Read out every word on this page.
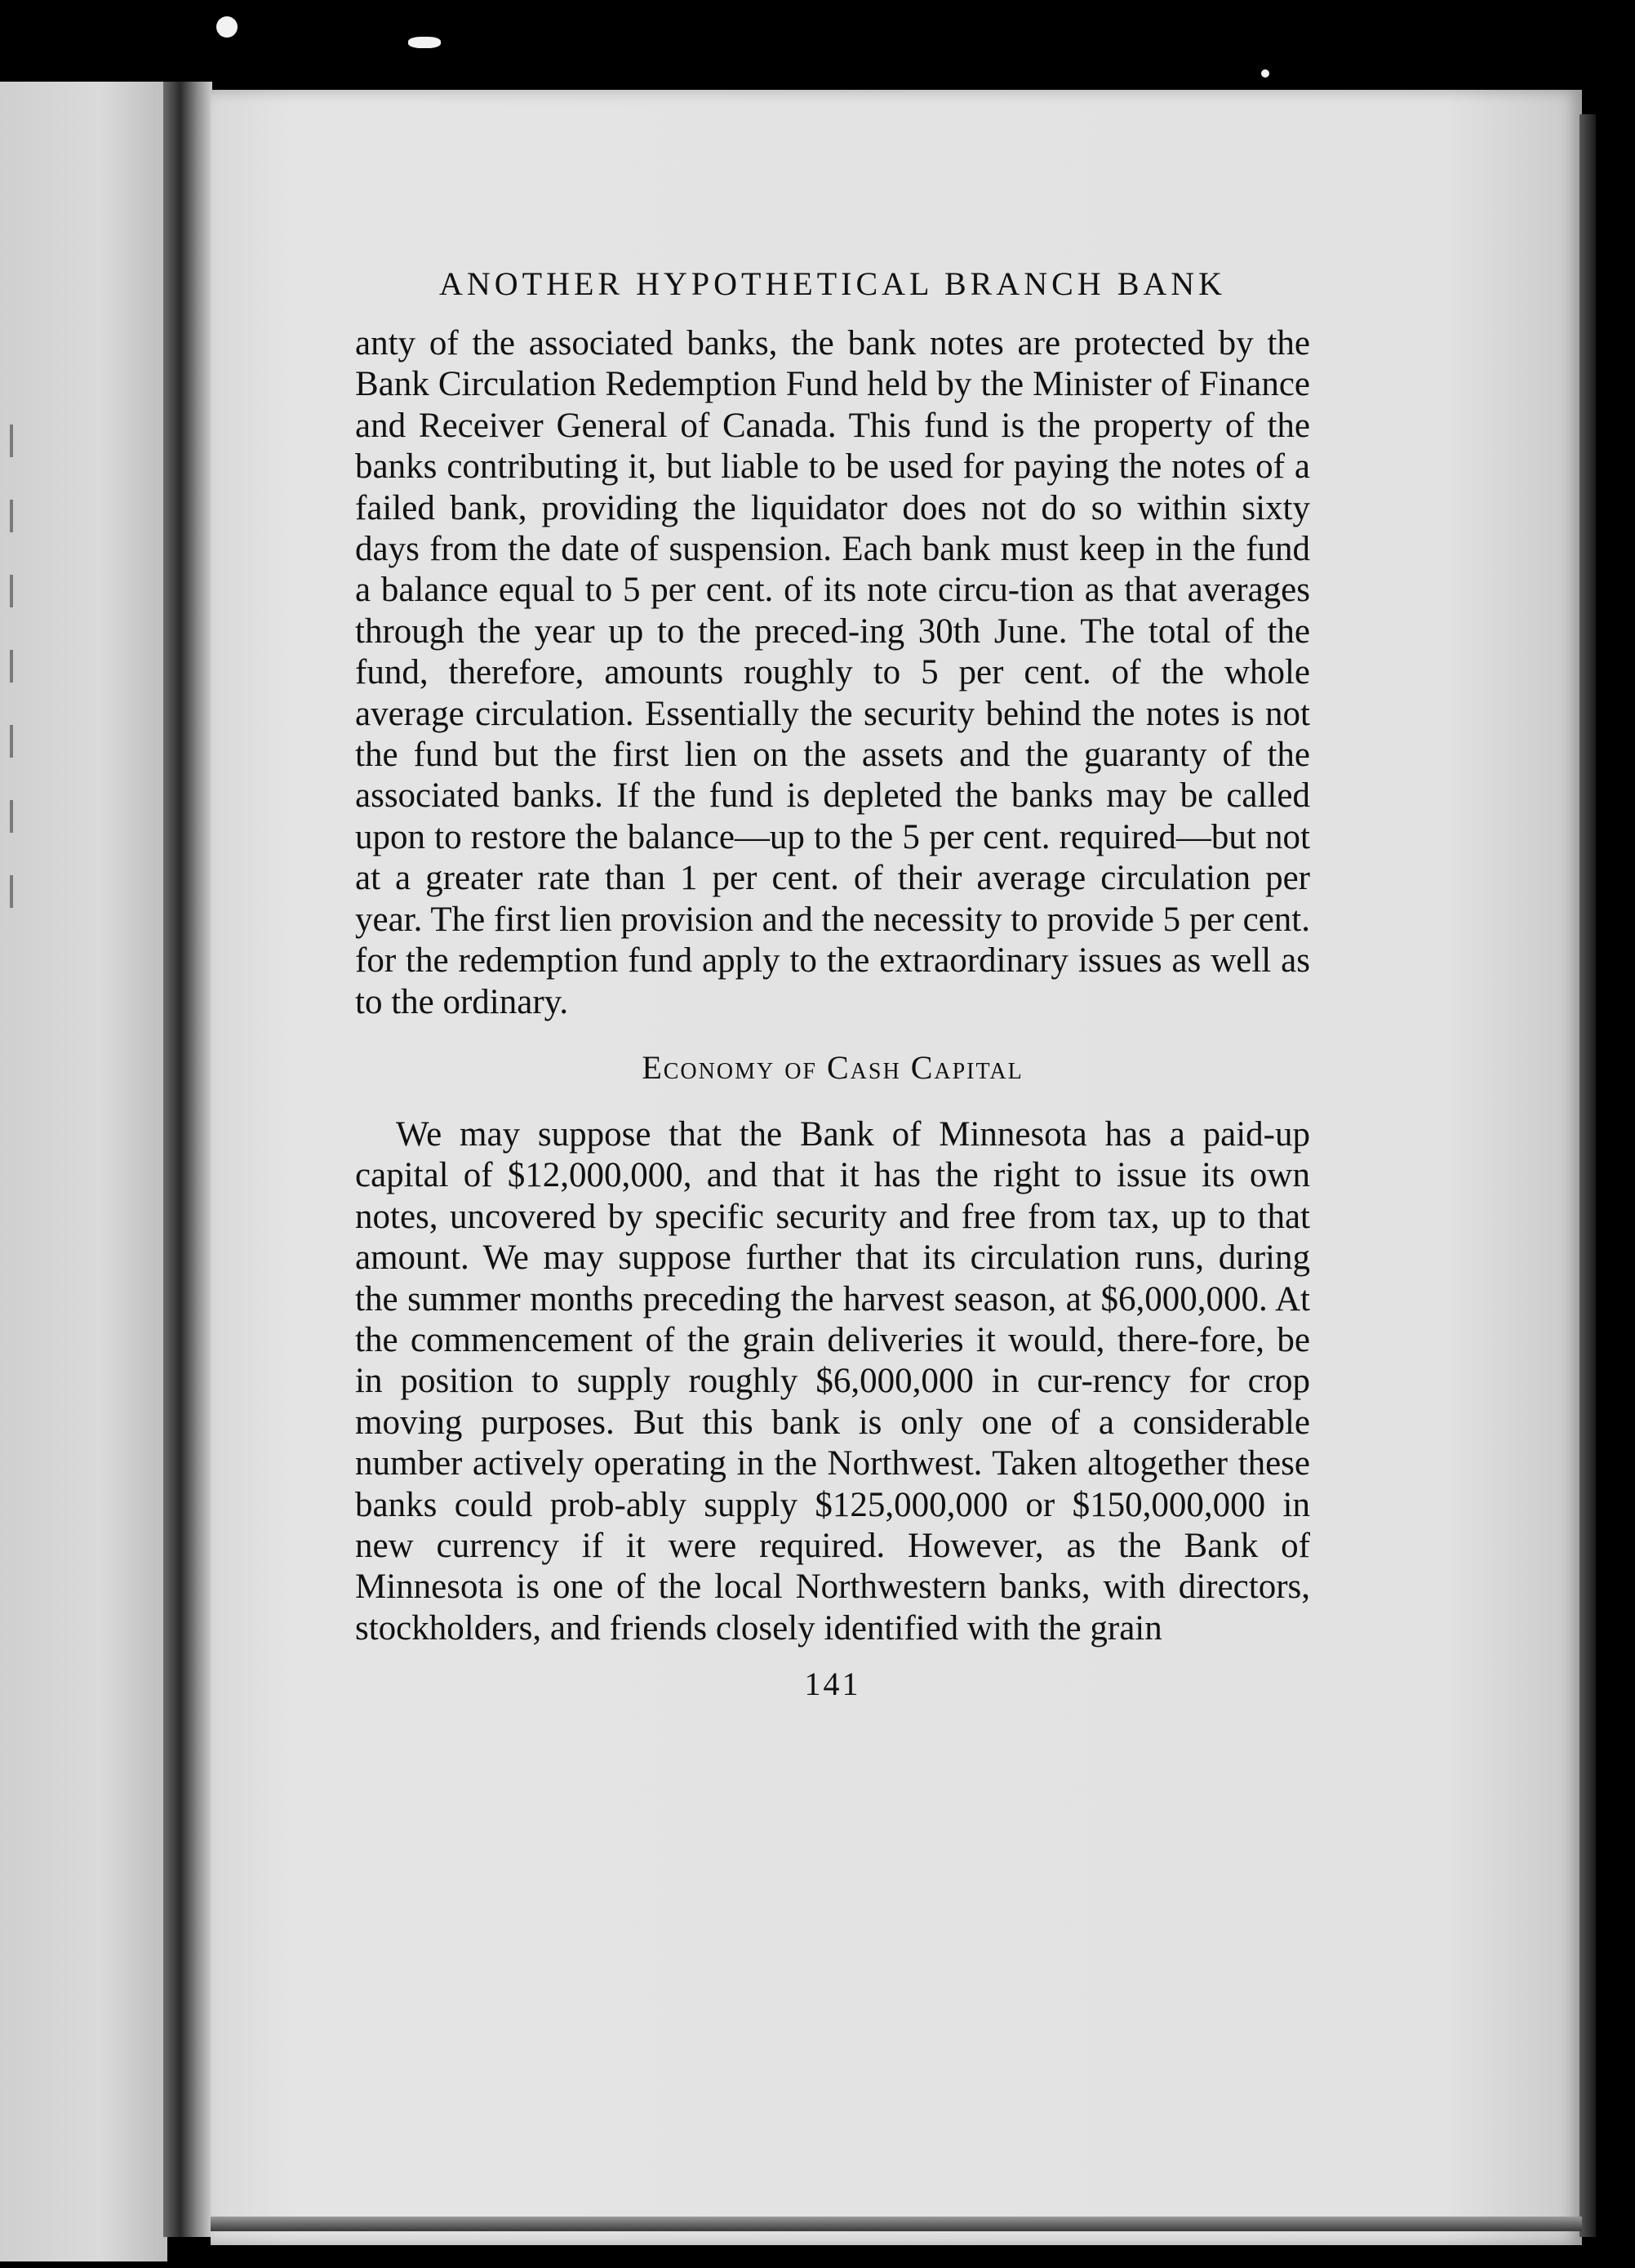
ANOTHER HYPOTHETICAL BRANCH BANK

anty of the associated banks, the bank notes are protected by the Bank Circulation Redemption Fund held by the Minister of Finance and Receiver General of Canada. This fund is the property of the banks contributing it, but liable to be used for paying the notes of a failed bank, providing the liquidator does not do so within sixty days from the date of suspension. Each bank must keep in the fund a balance equal to 5 per cent. of its note circu-tion as that averages through the year up to the preced-ing 30th June. The total of the fund, therefore, amounts roughly to 5 per cent. of the whole average circulation. Essentially the security behind the notes is not the fund but the first lien on the assets and the guaranty of the associated banks. If the fund is depleted the banks may be called upon to restore the balance—up to the 5 per cent. required—but not at a greater rate than 1 per cent. of their average circulation per year. The first lien provision and the necessity to provide 5 per cent. for the redemption fund apply to the extraordinary issues as well as to the ordinary.

Economy of Cash Capital

We may suppose that the Bank of Minnesota has a paid-up capital of $12,000,000, and that it has the right to issue its own notes, uncovered by specific security and free from tax, up to that amount. We may suppose further that its circulation runs, during the summer months preceding the harvest season, at $6,000,000. At the commencement of the grain deliveries it would, there-fore, be in position to supply roughly $6,000,000 in cur-rency for crop moving purposes. But this bank is only one of a considerable number actively operating in the Northwest. Taken altogether these banks could prob-ably supply $125,000,000 or $150,000,000 in new currency if it were required. However, as the Bank of Minnesota is one of the local Northwestern banks, with directors, stockholders, and friends closely identified with the grain

141
